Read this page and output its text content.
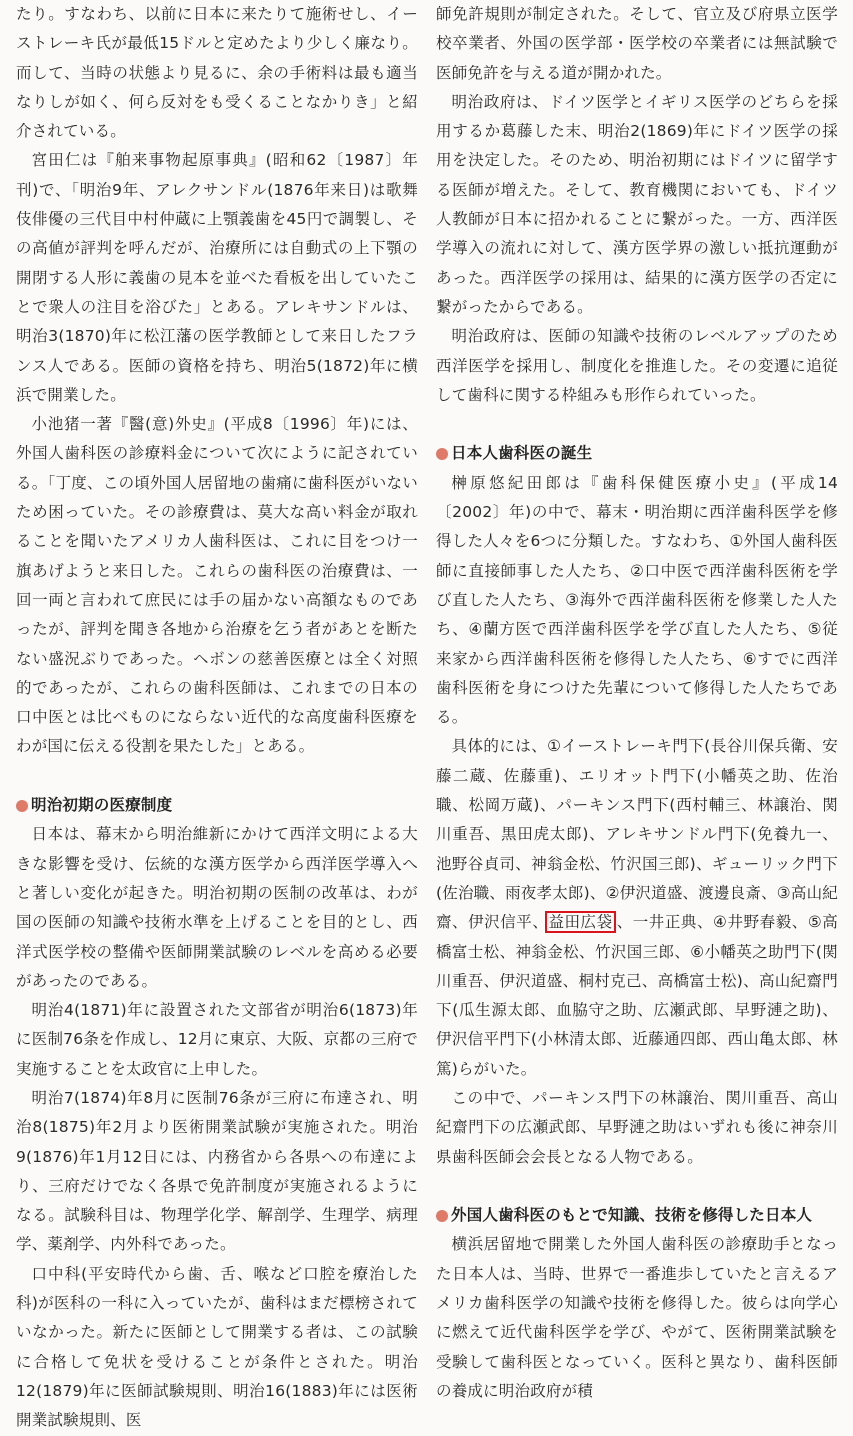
たり。すなわち、以前に日本に来たりて施術せし、イーストレーキ氏が最低15ドルと定めたより少しく廉なり。而して、当時の状態より見るに、余の手術料は最も適当なりしが如く、何ら反対をも受くることなかりき」と紹介されている。

宮田仁は『舶来事物起原事典』(昭和62〔1987〕年刊)で、「明治9年、アレクサンドル(1876年来日)は歌舞伎俳優の三代目中村仲蔵に上顎義歯を45円で調製し、その高値が評判を呼んだが、治療所には自動式の上下顎の開閉する人形に義歯の見本を並べた看板を出していたことで衆人の注目を浴びた」とある。アレキサンドルは、明治3(1870)年に松江藩の医学教師として来日したフランス人である。医師の資格を持ち、明治5(1872)年に横浜で開業した。

小池猪一著『醫(意)外史』(平成8〔1996〕年)には、外国人歯科医の診療料金について次にように記されている。「丁度、この頃外国人居留地の歯痛に歯科医がいないため困っていた。その診療費は、莫大な高い料金が取れることを聞いたアメリカ人歯科医は、これに目をつけ一旗あげようと来日した。これらの歯科医の治療費は、一回一両と言われて庶民には手の届かない高額なものであったが、評判を聞き各地から治療を乞う者があとを断たない盛況ぶりであった。ヘボンの慈善医療とは全く対照的であったが、これらの歯科医師は、これまでの日本の口中医とは比べものにならない近代的な高度歯科医療をわが国に伝える役割を果たした」とある。

明治初期の医療制度

日本は、幕末から明治維新にかけて西洋文明による大きな影響を受け、伝統的な漢方医学から西洋医学導入へと著しい変化が起きた。明治初期の医制の改革は、わが国の医師の知識や技術水準を上げることを目的とし、西洋式医学校の整備や医師開業試験のレベルを高める必要があったのである。

明治4(1871)年に設置された文部省が明治6(1873)年に医制76条を作成し、12月に東京、大阪、京都の三府で実施することを太政官に上申した。

明治7(1874)年8月に医制76条が三府に布達され、明治8(1875)年2月より医術開業試験が実施された。明治9(1876)年1月12日には、内務省から各県への布達により、三府だけでなく各県で免許制度が実施されるようになる。試験科目は、物理学化学、解剖学、生理学、病理学、薬剤学、内外科であった。

口中科(平安時代から歯、舌、喉など口腔を療治した科)が医科の一科に入っていたが、歯科はまだ標榜されていなかった。新たに医師として開業する者は、この試験に合格して免状を受けることが条件とされた。明治12(1879)年に医師試験規則、明治16(1883)年には医術開業試験規則、医

師免許規則が制定された。そして、官立及び府県立医学校卒業者、外国の医学部・医学校の卒業者には無試験で医師免許を与える道が開かれた。

明治政府は、ドイツ医学とイギリス医学のどちらを採用するか葛藤した末、明治2(1869)年にドイツ医学の採用を決定した。そのため、明治初期にはドイツに留学する医師が増えた。そして、教育機関においても、ドイツ人教師が日本に招かれることに繋がった。一方、西洋医学導入の流れに対して、漢方医学界の激しい抵抗運動があった。西洋医学の採用は、結果的に漢方医学の否定に繋がったからである。

明治政府は、医師の知識や技術のレベルアップのため西洋医学を採用し、制度化を推進した。その変遷に追従して歯科に関する枠組みも形作られていった。

日本人歯科医の誕生

榊原悠紀田郎は『歯科保健医療小史』(平成14〔2002〕年)の中で、幕末・明治期に西洋歯科医学を修得した人々を6つに分類した。すなわち、①外国人歯科医師に直接師事した人たち、②口中医で西洋歯科医術を学び直した人たち、③海外で西洋歯科医術を修業した人たち、④蘭方医で西洋歯科医学を学び直した人たち、⑤従来家から西洋歯科医術を修得した人たち、⑥すでに西洋歯科医術を身につけた先輩について修得した人たちである。

具体的には、①イーストレーキ門下(長谷川保兵衛、安藤二蔵、佐藤重)、エリオット門下(小幡英之助、佐治職、松岡万蔵)、パーキンス門下(西村輔三、林譲治、関川重吾、黒田虎太郎)、アレキサンドル門下(免養九一、池野谷貞司、神翁金松、竹沢国三郎)、ギューリック門下(佐治職、雨夜孝太郎)、②伊沢道盛、渡邊良斎、③高山紀齋、伊沢信平、益田広袋 、一井正典、④井野春毅、⑤高橋富士松、神翁金松、竹沢国三郎、⑥小幡英之助門下(関川重吾、伊沢道盛、桐村克己、高橋富士松)、高山紀齋門下(瓜生源太郎、血脇守之助、広瀬武郎、早野漣之助)、伊沢信平門下(小林清太郎、近藤通四郎、西山亀太郎、林篤)らがいた。

この中で、パーキンス門下の林譲治、関川重吾、高山紀齋門下の広瀬武郎、早野漣之助はいずれも後に神奈川県歯科医師会会長となる人物である。

外国人歯科医のもとで知識、技術を修得した日本人

横浜居留地で開業した外国人歯科医の診療助手となった日本人は、当時、世界で一番進歩していたと言えるアメリカ歯科医学の知識や技術を修得した。彼らは向学心に燃えて近代歯科医学を学び、やがて、医術開業試験を受験して歯科医となっていく。医科と異なり、歯科医師の養成に明治政府が積
